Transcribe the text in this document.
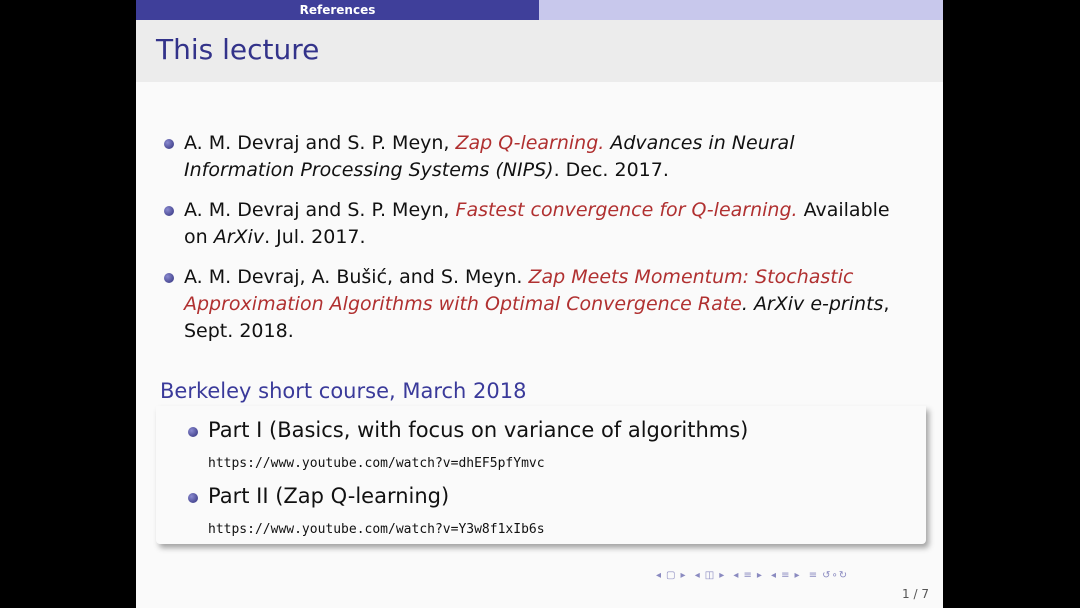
References
This lecture
A. M. Devraj and S. P. Meyn, Zap Q-learning. Advances in Neural Information Processing Systems (NIPS). Dec. 2017.
A. M. Devraj and S. P. Meyn, Fastest convergence for Q-learning. Available on ArXiv. Jul. 2017.
A. M. Devraj, A. Bušić, and S. Meyn. Zap Meets Momentum: Stochastic Approximation Algorithms with Optimal Convergence Rate. ArXiv e-prints, Sept. 2018.
Berkeley short course, March 2018
Part I (Basics, with focus on variance of algorithms)
https://www.youtube.com/watch?v=dhEF5pfYmvc
Part II (Zap Q-learning)
https://www.youtube.com/watch?v=Y3w8f1xIb6s
◂ ▢ ▸ ◂ ◫ ▸ ◂ ≡ ▸ ◂ ≡ ▸ ≡ ↺∘↻
1 / 7
